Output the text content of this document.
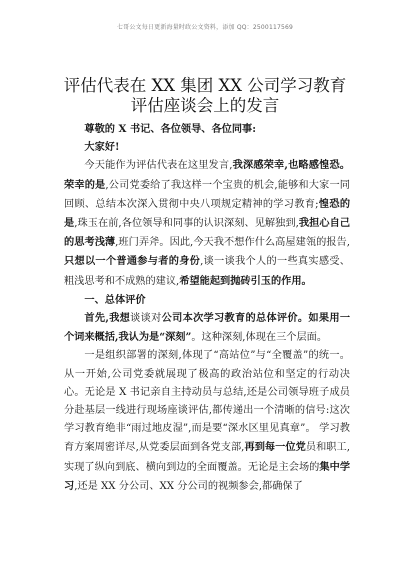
七哥公文每日更新海量时政公文资料，添加 QQ：2500117569
评估代表在 XX 集团 XX 公司学习教育评估座谈会上的发言

尊敬的 X 书记、各位领导、各位同事:

大家好!

今天能作为评估代表在这里发言,我深感荣幸,也略感惶恐。荣幸的是,公司党委给了我这样一个宝贵的机会,能够和大家一同回顾、总结本次深入贯彻中央八项规定精神的学习教育;惶恐的是,珠玉在前,各位领导和同事的认识深刻、见解独到,我担心自己的思考浅薄,班门弄斧。因此,今天我不想作什么高屋建瓴的报告,只想以一个普通参与者的身份,谈一谈我个人的一些真实感受、粗浅思考和不成熟的建议,希望能起到抛砖引玉的作用。

一、总体评价

首先,我想谈谈对公司本次学习教育的总体评价。如果用一个词来概括,我认为是“深刻”。这种深刻,体现在三个层面。

一是组织部署的深刻,体现了“高站位”与“全覆盖”的统一。从一开始,公司党委就展现了极高的政治站位和坚定的行动决心。无论是 X 书记亲自主持动员与总结,还是公司领导班子成员分赴基层一线进行现场座谈评估,都传递出一个清晰的信号:这次学习教育绝非“雨过地皮湿”,而是要“深水区里见真章”。 学习教育方案周密详尽,从党委层面到各党支部,再到每一位党员和职工,实现了纵向到底、横向到边的全面覆盖。无论是主会场的集中学习,还是 XX 分公司、XX 分公司的视频参会,都确保了
